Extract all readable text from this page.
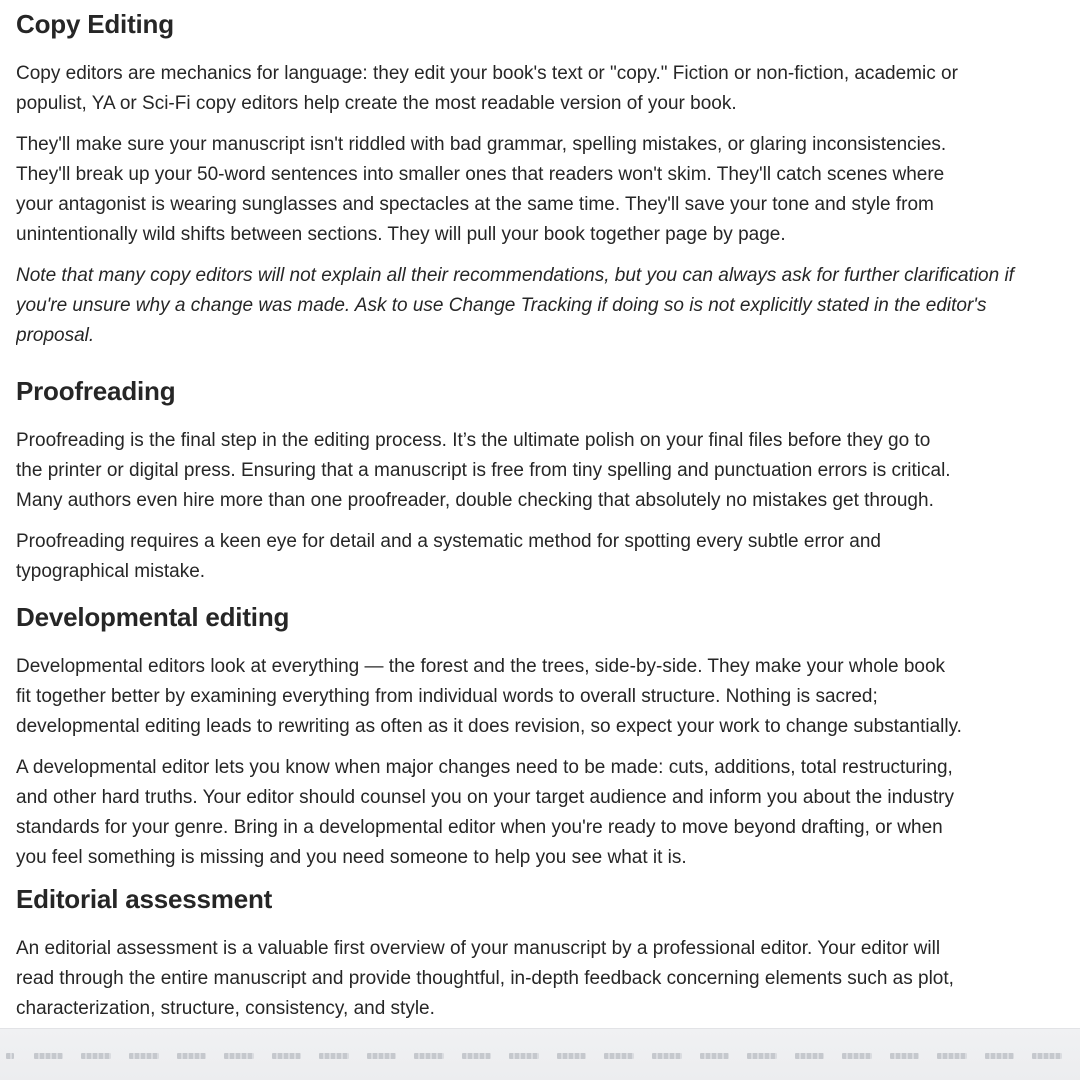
Copy Editing

Copy editors are mechanics for language: they edit your book's text or "copy." Fiction or non-fiction, academic or
populist, YA or Sci-Fi copy editors help create the most readable version of your book.

They'll make sure your manuscript isn't riddled with bad grammar, spelling mistakes, or glaring inconsistencies.
They'll break up your 50-word sentences into smaller ones that readers won't skim. They'll catch scenes where
your antagonist is wearing sunglasses and spectacles at the same time. They'll save your tone and style from
unintentionally wild shifts between sections. They will pull your book together page by page.

Note that many copy editors will not explain all their recommendations, but you can always ask for further clarification if
you're unsure why a change was made. Ask to use Change Tracking if doing so is not explicitly stated in the editor's
proposal.

Proofreading

Proofreading is the final step in the editing process. It’s the ultimate polish on your final files before they go to
the printer or digital press. Ensuring that a manuscript is free from tiny spelling and punctuation errors is critical.
Many authors even hire more than one proofreader, double checking that absolutely no mistakes get through.

Proofreading requires a keen eye for detail and a systematic method for spotting every subtle error and
typographical mistake.

Developmental editing

Developmental editors look at everything — the forest and the trees, side-by-side. They make your whole book
fit together better by examining everything from individual words to overall structure. Nothing is sacred;
developmental editing leads to rewriting as often as it does revision, so expect your work to change substantially.

A developmental editor lets you know when major changes need to be made: cuts, additions, total restructuring,
and other hard truths. Your editor should counsel you on your target audience and inform you about the industry
standards for your genre. Bring in a developmental editor when you're ready to move beyond drafting, or when
you feel something is missing and you need someone to help you see what it is.

Editorial assessment

An editorial assessment is a valuable first overview of your manuscript by a professional editor. Your editor will
read through the entire manuscript and provide thoughtful, in-depth feedback concerning elements such as plot,
characterization, structure, consistency, and style.
